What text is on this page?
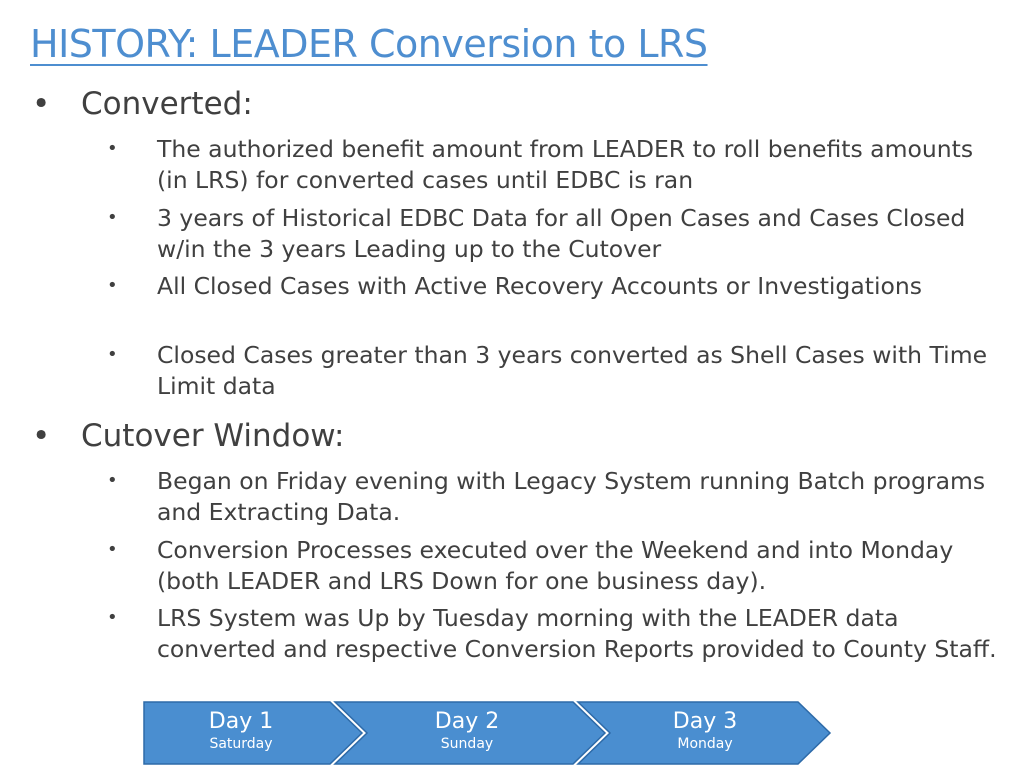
HISTORY: LEADER Conversion to LRS
• Converted:
• The authorized benefit amount from LEADER to roll benefits amounts (in LRS) for converted cases until EDBC is ran
• 3 years of Historical EDBC Data for all Open Cases and Cases Closed w/in the 3 years Leading up to the Cutover
• All Closed Cases with Active Recovery Accounts or Investigations
• Closed Cases greater than 3 years converted as Shell Cases with Time Limit data
• Cutover Window:
• Began on Friday evening with Legacy System running Batch programs and Extracting Data.
• Conversion Processes executed over the Weekend and into Monday (both LEADER and LRS Down for one business day).
• LRS System was Up by Tuesday morning with the LEADER data converted and respective Conversion Reports provided to County Staff.
Day 1
Saturday
Day 2
Sunday
Day 3
Monday
